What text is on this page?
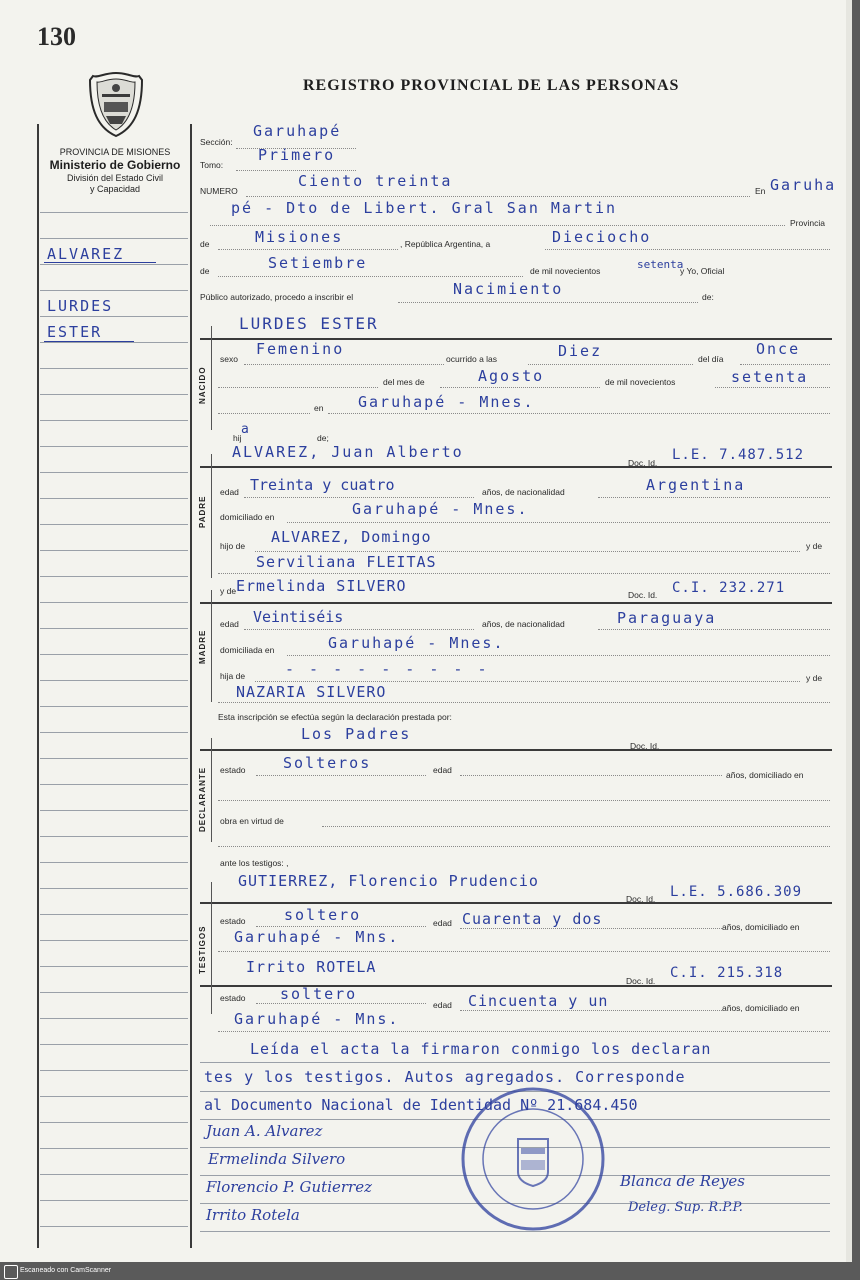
130
REGISTRO PROVINCIAL DE LAS PERSONAS
PROVINCIA DE MISIONES
Ministerio de Gobierno
División del Estado Civil
y Capacidad
ALVAREZ
LURDES
ESTER
NACIDO
PADRE
MADRE
DECLARANTE
TESTIGOS
Sección:
Garuhapé
Tomo:
Primero
NUMERO
Ciento treinta
En Garuha
pé - Dto de Libert. Gral San Martin
Provincia
de	Misiones	, República Argentina, a	Dieciocho
de	Setiembre	de mil novecientos	setenta
y Yo, Oficial
Público autorizado, procedo a inscribir el	Nacimiento	de:
LURDES ESTER
sexo
Femenino
ocurrido a las	Diez	del día
Once
del mes de	Agosto	de mil novecientos	setenta
en Garuhapé - Mnes.
hij
a
de;
ALVAREZ, Juan Alberto
Doc. Id. L.E. 7.487.512
edad Treinta y cuatro	años, de nacionalidad	Argentina
domiciliado en	Garuhapé - Mnes.
hijo de ALVAREZ, Domingo	y de
Serviliana FLEITAS
y de Ermelinda SILVERO	Doc. Id. C.I. 232.271
edad Veintiséis	años, de nacionalidad	Paraguaya
domiciliada en	Garuhapé - Mnes.
hija de	- - - - - - - - -	y de
NAZARIA SILVERO
Esta inscripción se efectúa según la declaración prestada por:
Los Padres
Doc. Id.
estado Solteros	edad	años, domiciliado en
obra en virtud de
ante los testigos: ,
GUTIERREZ, Florencio Prudencio
Doc. Id. L.E. 5.686.309
estado	soltero	edad Cuarenta y dos	años, domiciliado en
Garuhapé - Mns.
Irrito ROTELA
Doc. Id. C.I. 215.318
estado soltero
edad Cincuenta y un	años, domiciliado en
Garuhapé - Mns.
Leída el acta la firmaron conmigo los declaran
tes y los testigos. Autos agregados. Corresponde
al Documento Nacional de Identidad Nº 21.684.450
Juan A. Alvarez
Ermelinda Silvero
Florencio P. Gutierrez
Irrito Rotela
Blanca de Reyes
Deleg. Sup. R.P.P.
Escaneado con CamScanner
